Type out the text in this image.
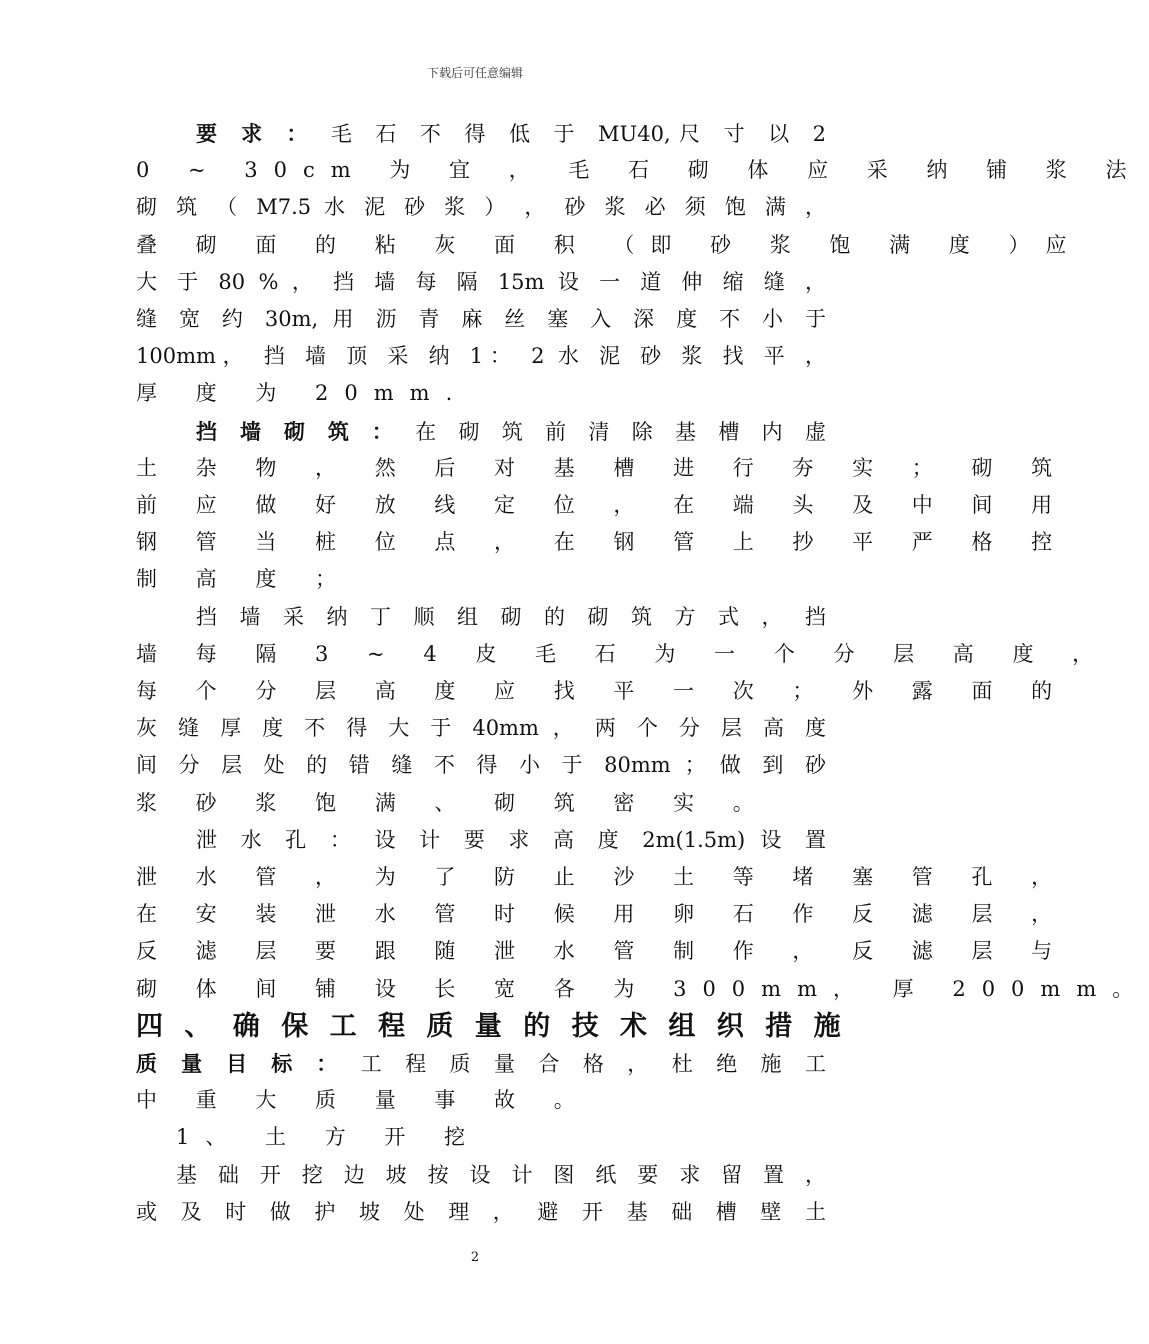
下载后可任意编辑
要 求 ： 毛 石 不 得 低 于 MU40,尺 寸 以 2
0 ~ 30cm 为 宜 ， 毛 石 砌 体 应 采 纳 铺 浆 法
砌 筑 （ M7.5 水 泥 砂 浆 ） ， 砂 浆 必 须 饱 满 ，
叠 砌 面 的 粘 灰 面 积 （即 砂 浆 饱 满 度 ）应
大 于 80 % ， 挡 墙 每 隔 15m 设 一 道 伸 缩 缝 ，
缝 宽 约 30m, 用 沥 青 麻 丝 塞 入 深 度 不 小 于
100mm， 挡 墙 顶 采 纳 1： 2 水 泥 砂 浆 找 平 ，
厚 度 为 20mm.
挡 墙 砌 筑 ： 在 砌 筑 前 清 除 基 槽 内 虚
土 杂 物 ， 然 后 对 基 槽 进 行 夯 实 ； 砌 筑
前 应 做 好 放 线 定 位 ， 在 端 头 及 中 间 用
钢 管 当 桩 位 点 ， 在 钢 管 上 抄 平 严 格 控
制 高 度 ；
挡 墙 采 纳 丁 顺 组 砌 的 砌 筑 方 式 ， 挡
墙 每 隔 3 ~ 4 皮 毛 石 为 一 个 分 层 高 度 ，
每 个 分 层 高 度 应 找 平 一 次 ； 外 露 面 的
灰 缝 厚 度 不 得 大 于 40mm ， 两 个 分 层 高 度
间 分 层 处 的 错 缝 不 得 小 于 80mm ； 做 到 砂
浆 砂 浆 饱 满 、 砌 筑 密 实 。
泄 水 孔 ： 设 计 要 求 高 度 2m(1.5m) 设 置
泄 水 管 ， 为 了 防 止 沙 土 等 堵 塞 管 孔 ，
在 安 装 泄 水 管 时 候 用 卵 石 作 反 滤 层 ，
反 滤 层 要 跟 随 泄 水 管 制 作 ， 反 滤 层 与
砌 体 间 铺 设 长 宽 各 为 300mm， 厚 200mm。
四 、 确 保 工 程 质 量 的 技 术 组 织 措 施
质 量 目 标 ： 工 程 质 量 合 格 ， 杜 绝 施 工
中 重 大 质 量 事 故 。
1、 土 方 开 挖
基 础 开 挖 边 坡 按 设 计 图 纸 要 求 留 置 ，
或 及 时 做 护 坡 处 理 ， 避 开 基 础 槽 壁 土
2
